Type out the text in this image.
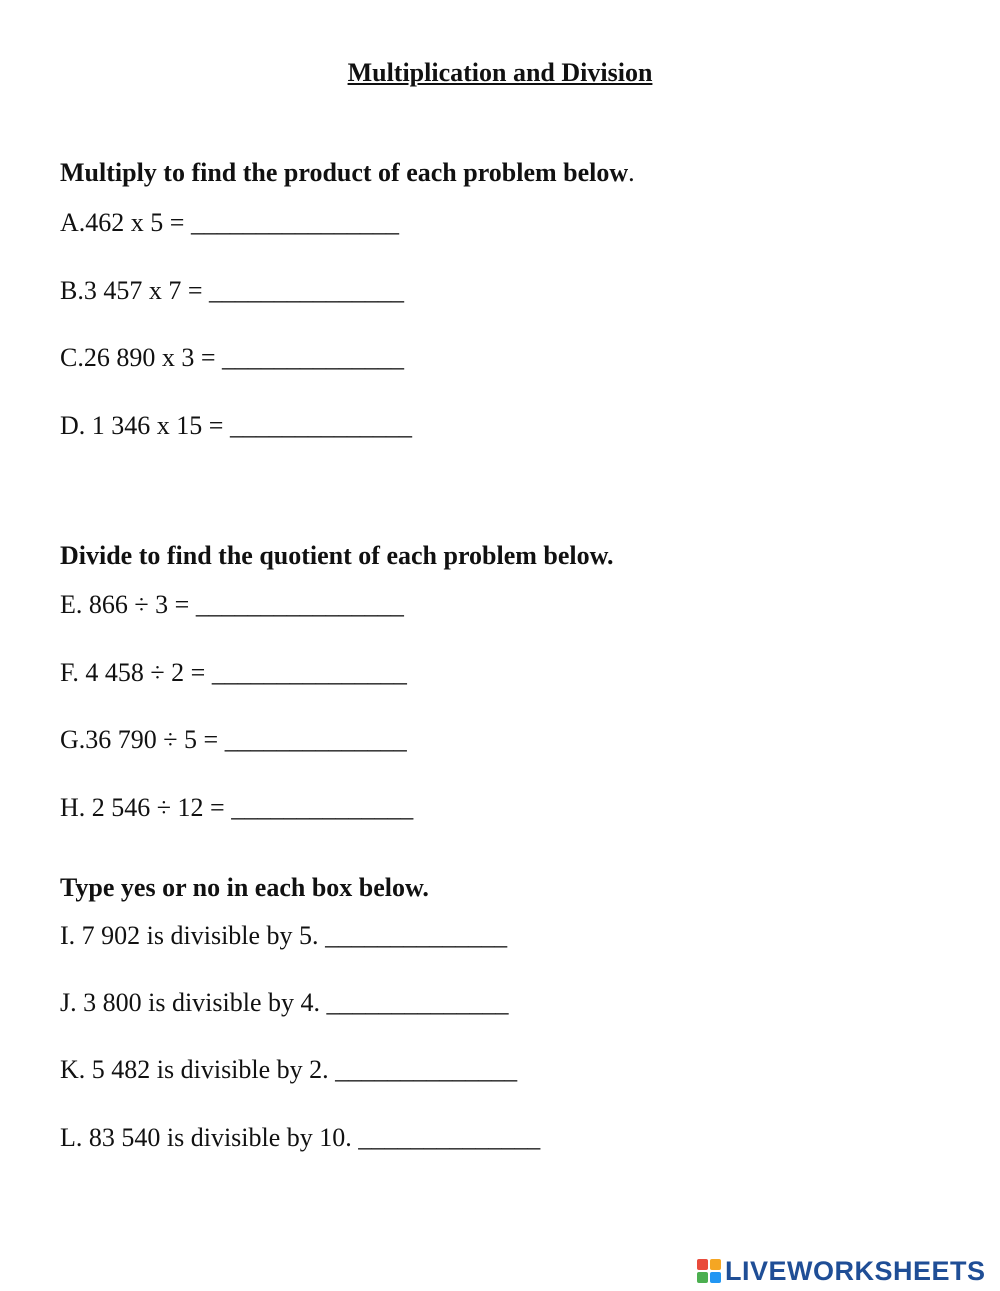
Multiplication and Division
Multiply to find the product of each problem below.
A.462 x 5 = ________________
B.3 457 x 7 = _______________
C.26 890 x 3 = ______________
D. 1 346 x 15 = ______________
Divide to find the quotient of each problem below.
E. 866 ÷ 3 = ________________
F. 4 458 ÷ 2 = _______________
G.36 790 ÷ 5 = ______________
H. 2 546 ÷ 12 = ______________
Type yes or no in each box below.
I. 7 902 is divisible by 5. ______________
J. 3 800 is divisible by 4. ______________
K. 5 482 is divisible by 2. ______________
L. 83 540 is divisible by 10. ______________
LIVEWORKSHEETS
